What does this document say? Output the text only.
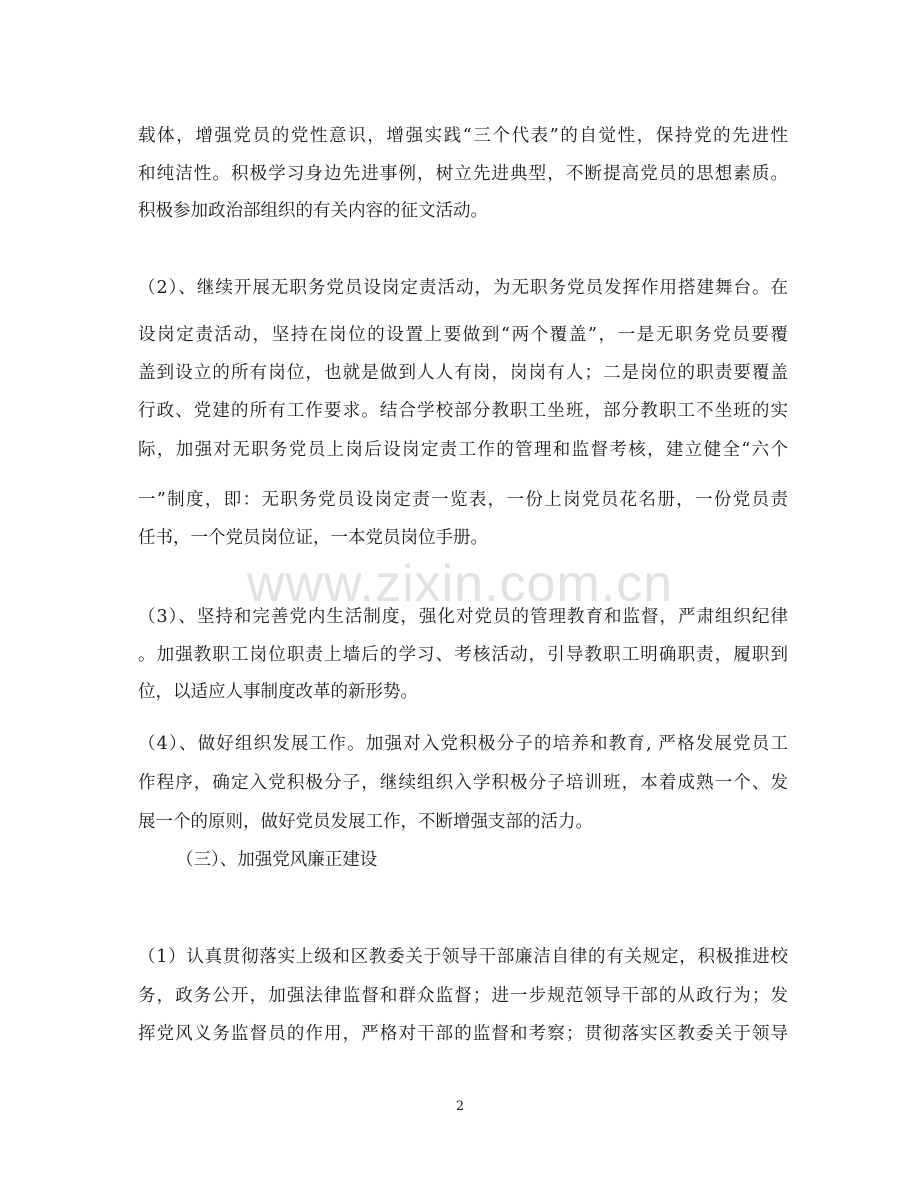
载体，增强党员的党性意识，增强实践“三个代表”的自觉性，保持党的先进性
和纯洁性。积极学习身边先进事例，树立先进典型，不断提高党员的思想素质。
积极参加政治部组织的有关内容的征文活动。
（2）、继续开展无职务党员设岗定责活动，为无职务党员发挥作用搭建舞台。在
设岗定责活动，坚持在岗位的设置上要做到“两个覆盖”，一是无职务党员要覆
盖到设立的所有岗位，也就是做到人人有岗，岗岗有人；二是岗位的职责要覆盖
行政、党建的所有工作要求。结合学校部分教职工坐班，部分教职工不坐班的实
际，加强对无职务党员上岗后设岗定责工作的管理和监督考核，建立健全“六个
一”制度，即：无职务党员设岗定责一览表，一份上岗党员花名册，一份党员责
任书，一个党员岗位证，一本党员岗位手册。
（3）、坚持和完善党内生活制度，强化对党员的管理教育和监督，严肃组织纪律
。加强教职工岗位职责上墙后的学习、考核活动，引导教职工明确职责，履职到
位，以适应人事制度改革的新形势。
（4）、做好组织发展工作。加强对入党积极分子的培养和教育, 严格发展党员工
作程序，确定入党积极分子，继续组织入学积极分子培训班，本着成熟一个、发
展一个的原则，做好党员发展工作，不断增强支部的活力。
（三）、加强党风廉正建设
（1）认真贯彻落实上级和区教委关于领导干部廉洁自律的有关规定，积极推进校
务，政务公开，加强法律监督和群众监督；进一步规范领导干部的从政行为；发
挥党风义务监督员的作用，严格对干部的监督和考察；贯彻落实区教委关于领导
www.zixin.com.cn
2
